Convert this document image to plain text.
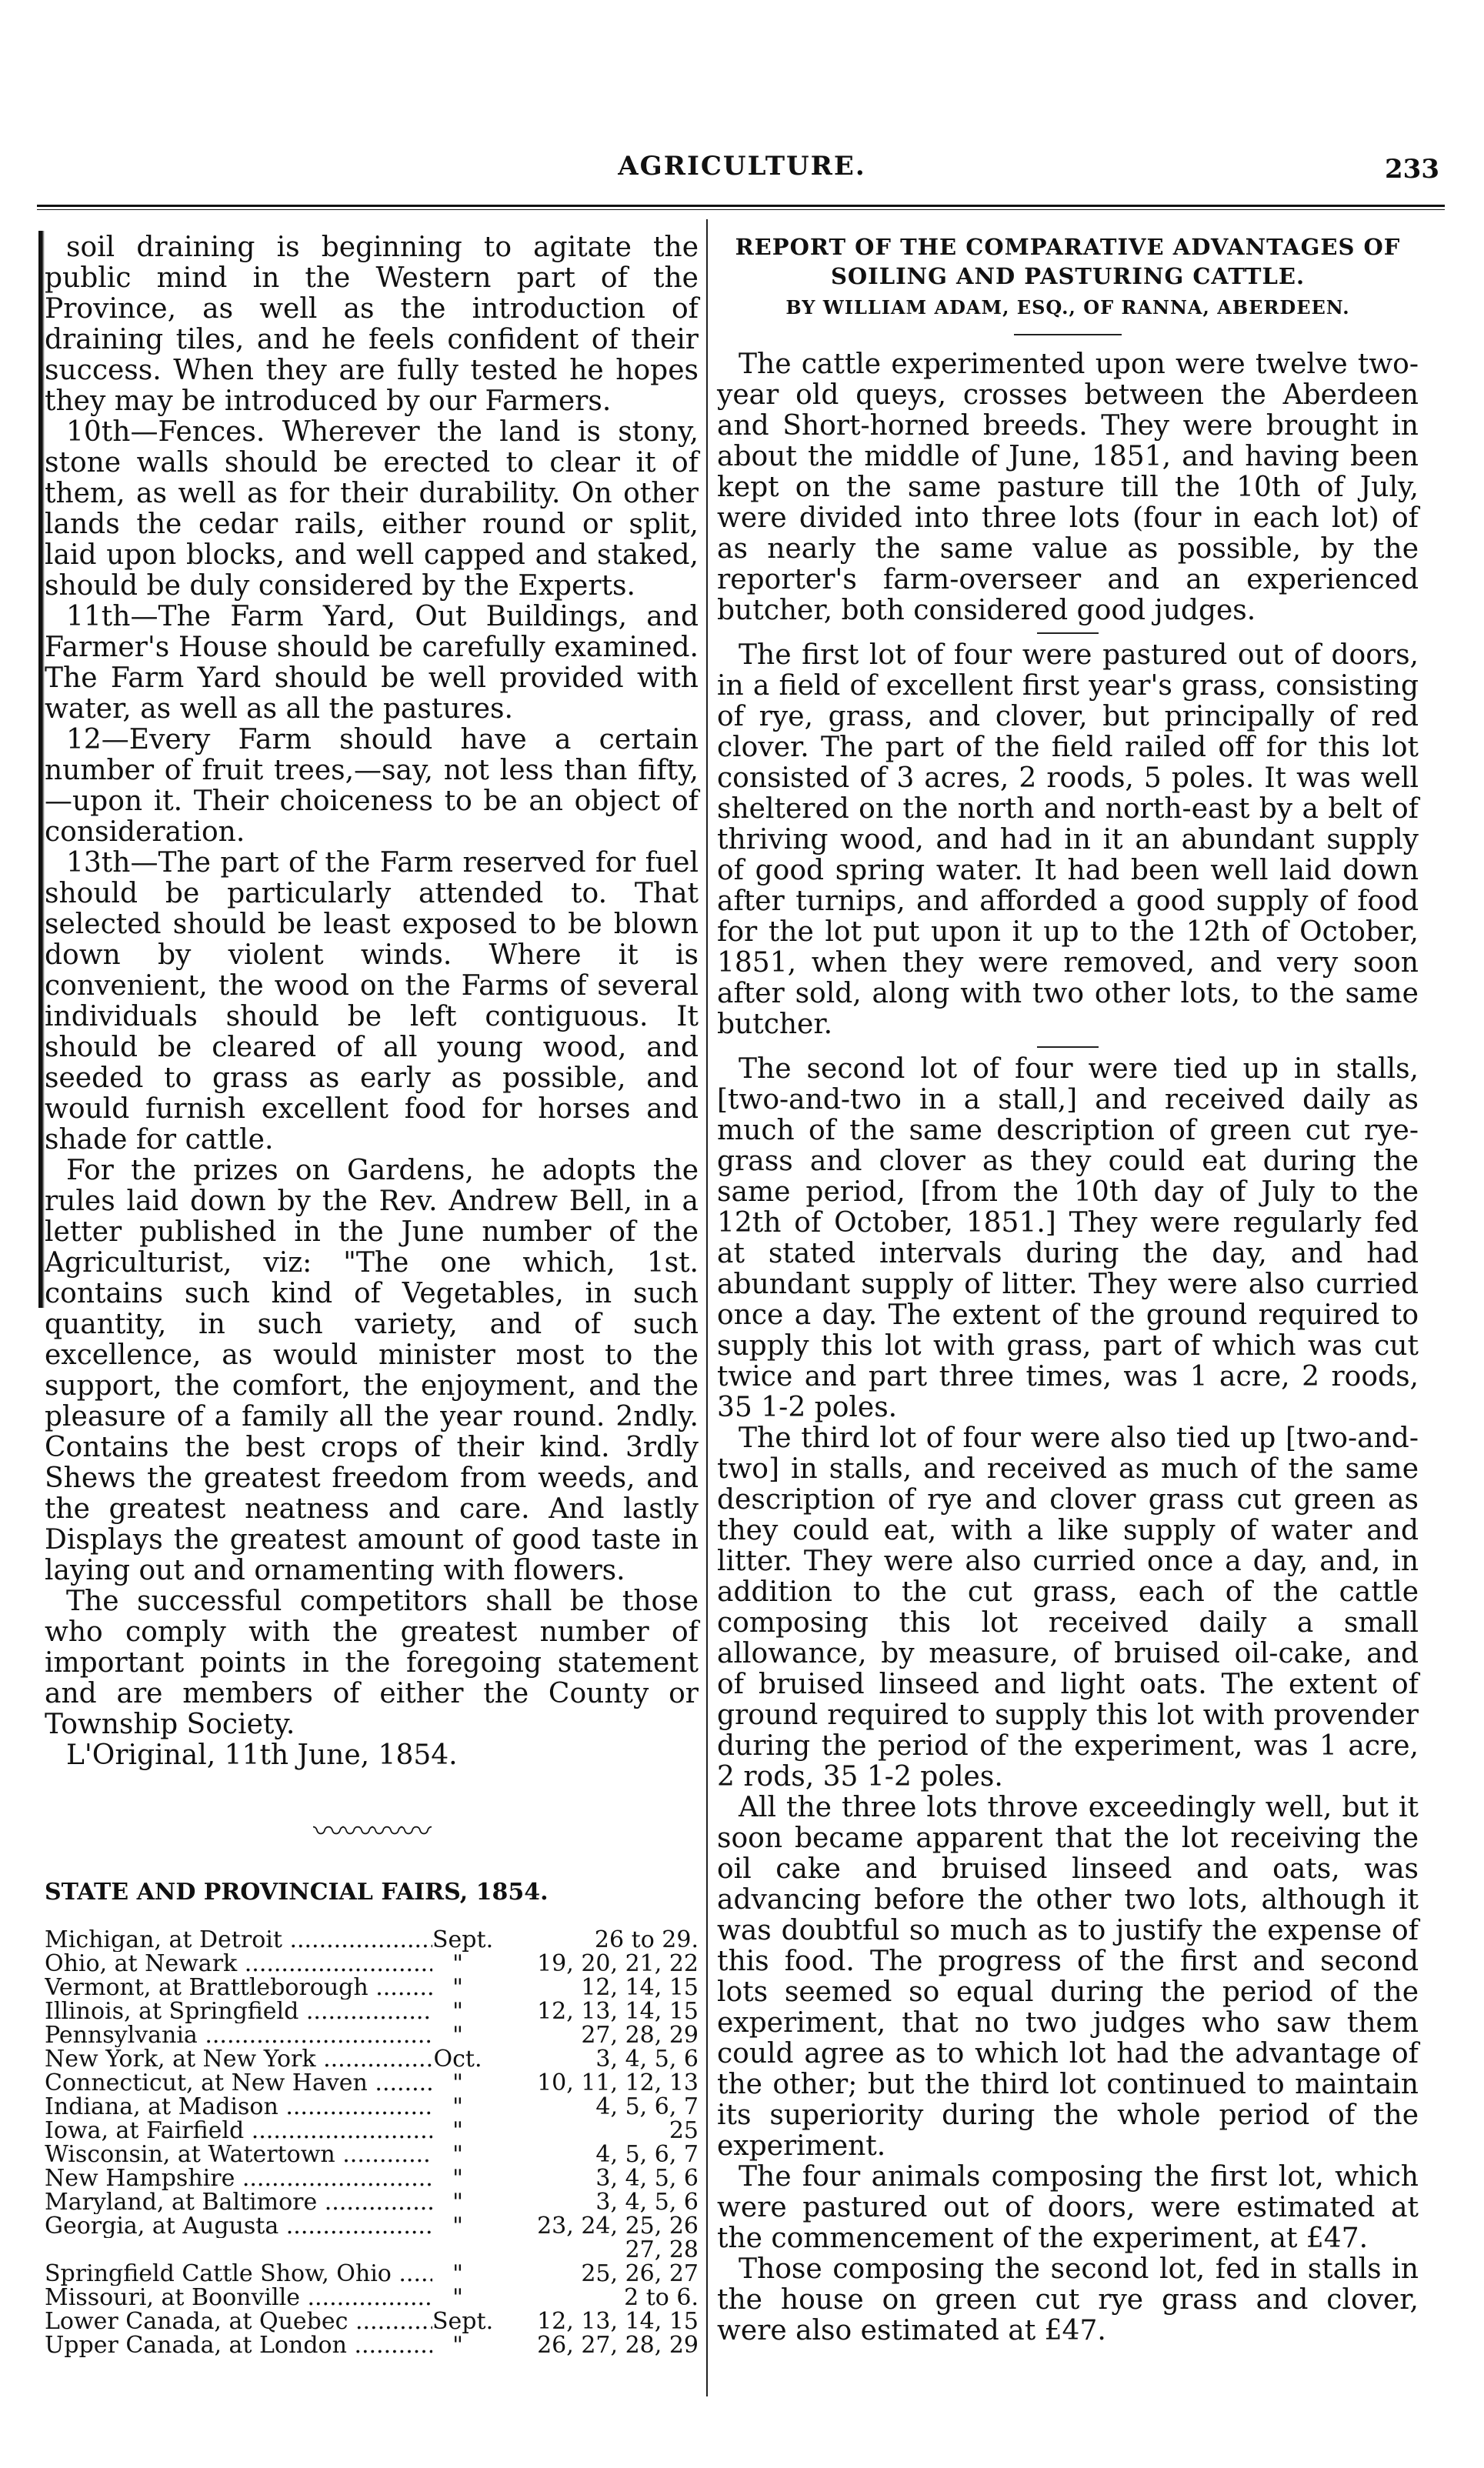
AGRICULTURE.	233

soil draining is beginning to agitate the public mind in the Western part of the Province, as well as the introduction of draining tiles, and he feels confident of their success. When they are fully tested he hopes they may be introduced by our Farmers.

10th—Fences. Wherever the land is stony, stone walls should be erected to clear it of them, as well as for their durability. On other lands the cedar rails, either round or split, laid upon blocks, and well capped and staked, should be duly considered by the Experts.

11th—The Farm Yard, Out Buildings, and Farmer's House should be carefully examined. The Farm Yard should be well provided with water, as well as all the pastures.

12—Every Farm should have a certain number of fruit trees,—say, not less than fifty,—upon it. Their choiceness to be an object of consideration.

13th—The part of the Farm reserved for fuel should be particularly attended to. That selected should be least exposed to be blown down by violent winds. Where it is convenient, the wood on the Farms of several individuals should be left contiguous. It should be cleared of all young wood, and seeded to grass as early as possible, and would furnish excellent food for horses and shade for cattle.

For the prizes on Gardens, he adopts the rules laid down by the Rev. Andrew Bell, in a letter published in the June number of the Agriculturist, viz: "The one which, 1st. contains such kind of Vegetables, in such quantity, in such variety, and of such excellence, as would minister most to the support, the comfort, the enjoyment, and the pleasure of a family all the year round. 2ndly. Contains the best crops of their kind. 3rdly Shews the greatest freedom from weeds, and the greatest neatness and care. And lastly Displays the greatest amount of good taste in laying out and ornamenting with flowers.

The successful competitors shall be those who comply with the greatest number of important points in the foregoing statement and are members of either the County or Township Society.

L'Original, 11th June, 1854.

〰〰〰〰
STATE AND PROVINCIAL FAIRS, 1854.
Michigan, at Detroit .....	Sept.	26 to 29.
Ohio, at Newark .....	"	19, 20, 21, 22
Vermont, at Brattleborough .....	"	12, 14, 15
Illinois, at Springfield .....	"	12, 13, 14, 15
Pennsylvania .....	"	27, 28, 29
New York, at New York .....	Oct.	3, 4, 5, 6
Connecticut, at New Haven .....	"	10, 11, 12, 13
Indiana, at Madison .....	"	4, 5, 6, 7
Iowa, at Fairfield .....	"	25
Wisconsin, at Watertown .....	"	4, 5, 6, 7
New Hampshire .....	"	3, 4, 5, 6
Maryland, at Baltimore .....	"	3, 4, 5, 6
Georgia, at Augusta .....	"	23, 24, 25, 26
27, 28
Springfield Cattle Show, Ohio .....	"	25, 26, 27
Missouri, at Boonville .....	"	2 to 6.
Lower Canada, at Quebec .....	Sept.	12, 13, 14, 15
Upper Canada, at London .....	"	26, 27, 28, 29
REPORT OF THE COMPARATIVE ADVANTAGES OF SOILING AND PASTURING CATTLE.
BY WILLIAM ADAM, ESQ., OF RANNA, ABERDEEN.

The cattle experimented upon were twelve two-year old queys, crosses between the Aberdeen and Short-horned breeds. They were brought in about the middle of June, 1851, and having been kept on the same pasture till the 10th of July, were divided into three lots (four in each lot) of as nearly the same value as possible, by the reporter's farm-overseer and an experienced butcher, both considered good judges.

The first lot of four were pastured out of doors, in a field of excellent first year's grass, consisting of rye, grass, and clover, but principally of red clover. The part of the field railed off for this lot consisted of 3 acres, 2 roods, 5 poles. It was well sheltered on the north and north-east by a belt of thriving wood, and had in it an abundant supply of good spring water. It had been well laid down after turnips, and afforded a good supply of food for the lot put upon it up to the 12th of October, 1851, when they were removed, and very soon after sold, along with two other lots, to the same butcher.

The second lot of four were tied up in stalls, [two-and-two in a stall,] and received daily as much of the same description of green cut rye-grass and clover as they could eat during the same period, [from the 10th day of July to the 12th of October, 1851.] They were regularly fed at stated intervals during the day, and had abundant supply of litter. They were also curried once a day. The extent of the ground required to supply this lot with grass, part of which was cut twice and part three times, was 1 acre, 2 roods, 35 1-2 poles.

The third lot of four were also tied up [two-and-two] in stalls, and received as much of the same description of rye and clover grass cut green as they could eat, with a like supply of water and litter. They were also curried once a day, and, in addition to the cut grass, each of the cattle composing this lot received daily a small allowance, by measure, of bruised oil-cake, and of bruised linseed and light oats. The extent of ground required to supply this lot with provender during the period of the experiment, was 1 acre, 2 rods, 35 1-2 poles.

All the three lots throve exceedingly well, but it soon became apparent that the lot receiving the oil cake and bruised linseed and oats, was advancing before the other two lots, although it was doubtful so much as to justify the expense of this food. The progress of the first and second lots seemed so equal during the period of the experiment, that no two judges who saw them could agree as to which lot had the advantage of the other; but the third lot continued to maintain its superiority during the whole period of the experiment.

The four animals composing the first lot, which were pastured out of doors, were estimated at the commencement of the experiment, at £47.

Those composing the second lot, fed in stalls in the house on green cut rye grass and clover, were also estimated at £47.
